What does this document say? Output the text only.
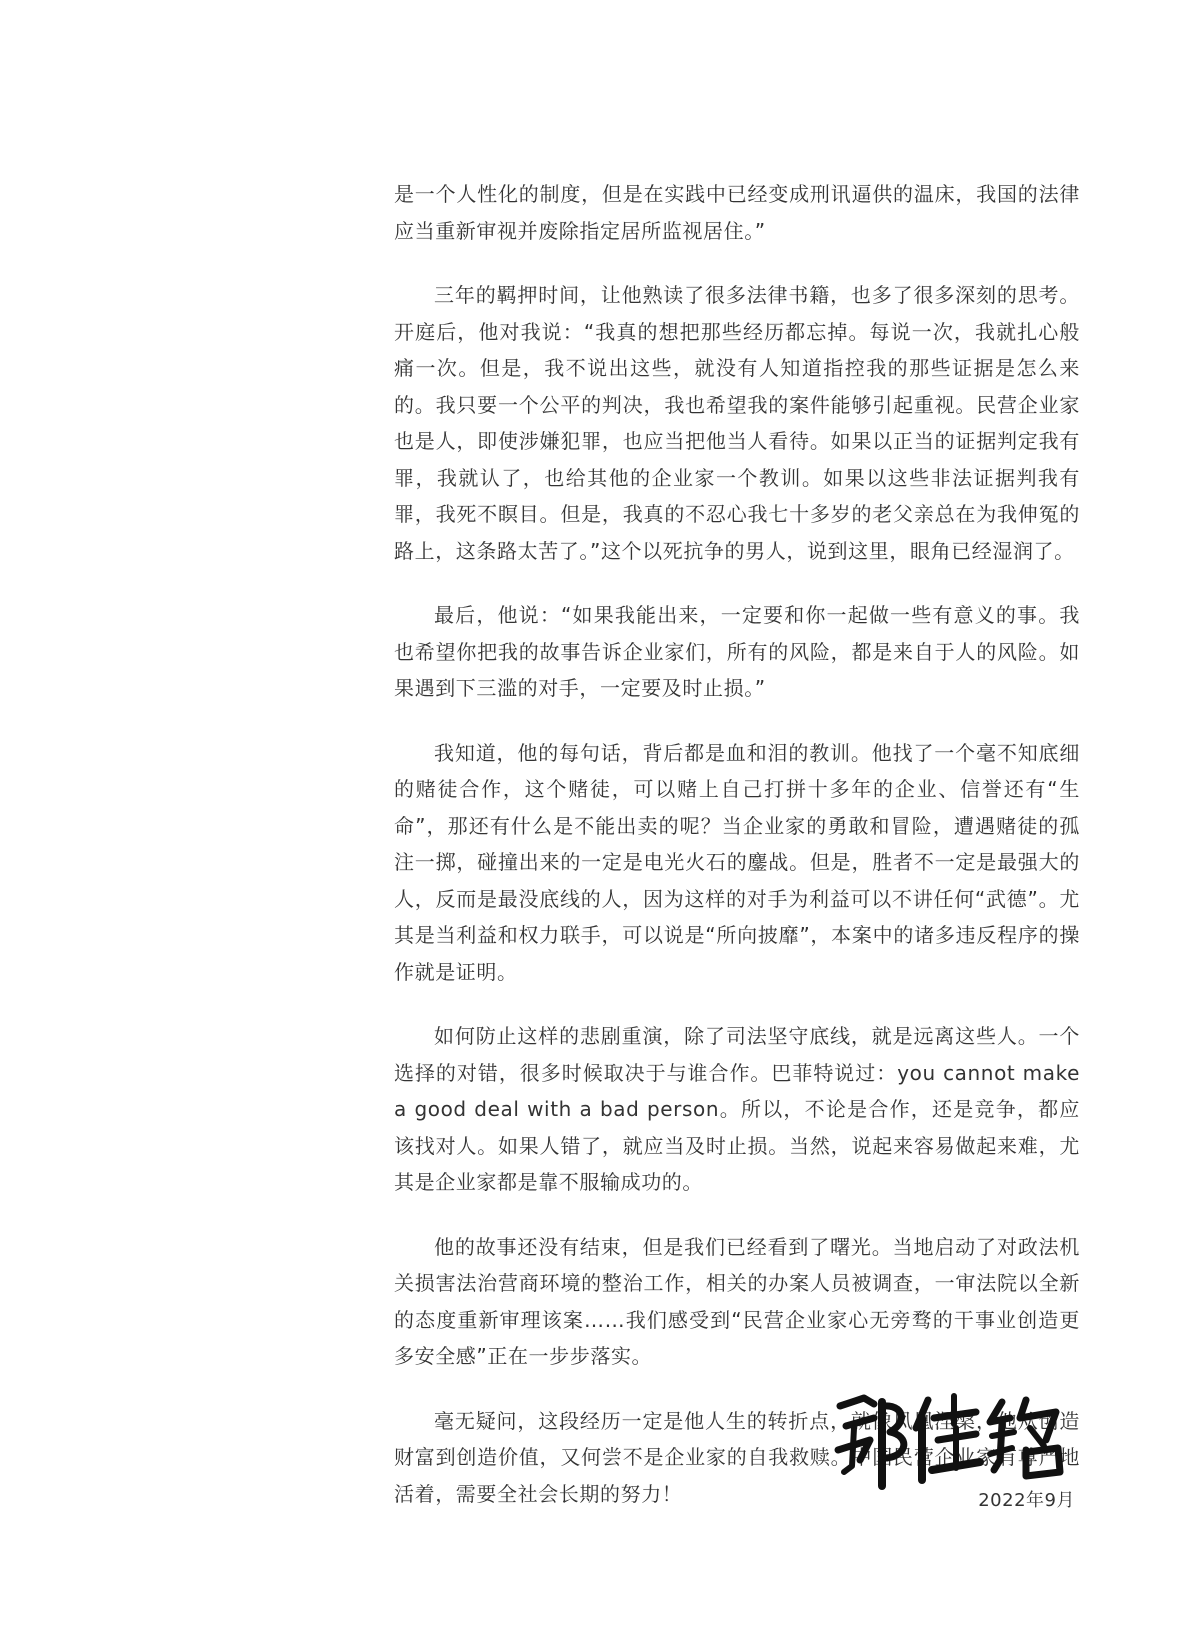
是一个人性化的制度，但是在实践中已经变成刑讯逼供的温床，我国的法律应当重新审视并废除指定居所监视居住。”

三年的羁押时间，让他熟读了很多法律书籍，也多了很多深刻的思考。开庭后，他对我说：“我真的想把那些经历都忘掉。每说一次，我就扎心般痛一次。但是，我不说出这些，就没有人知道指控我的那些证据是怎么来的。我只要一个公平的判决，我也希望我的案件能够引起重视。民营企业家也是人，即使涉嫌犯罪，也应当把他当人看待。如果以正当的证据判定我有罪，我就认了，也给其他的企业家一个教训。如果以这些非法证据判我有罪，我死不瞑目。但是，我真的不忍心我七十多岁的老父亲总在为我伸冤的路上，这条路太苦了。”这个以死抗争的男人，说到这里，眼角已经湿润了。

最后，他说：“如果我能出来，一定要和你一起做一些有意义的事。我也希望你把我的故事告诉企业家们，所有的风险，都是来自于人的风险。如果遇到下三滥的对手，一定要及时止损。”

我知道，他的每句话，背后都是血和泪的教训。他找了一个毫不知底细的赌徒合作，这个赌徒，可以赌上自己打拼十多年的企业、信誉还有“生命”，那还有什么是不能出卖的呢？当企业家的勇敢和冒险，遭遇赌徒的孤注一掷，碰撞出来的一定是电光火石的鏖战。但是，胜者不一定是最强大的人，反而是最没底线的人，因为这样的对手为利益可以不讲任何“武德”。尤其是当利益和权力联手，可以说是“所向披靡”，本案中的诸多违反程序的操作就是证明。

如何防止这样的悲剧重演，除了司法坚守底线，就是远离这些人。一个选择的对错，很多时候取决于与谁合作。巴菲特说过：you cannot make a good deal with a bad person。所以，不论是合作，还是竞争，都应该找对人。如果人错了，就应当及时止损。当然，说起来容易做起来难，尤其是企业家都是靠不服输成功的。

他的故事还没有结束，但是我们已经看到了曙光。当地启动了对政法机关损害法治营商环境的整治工作，相关的办案人员被调查，一审法院以全新的态度重新审理该案……我们感受到“民营企业家心无旁骛的干事业创造更多安全感”正在一步步落实。

毫无疑问，这段经历一定是他人生的转折点，就像凤凰涅槃，他从创造财富到创造价值，又何尝不是企业家的自我救赎。中国民营企业家有尊严地活着，需要全社会长期的努力！	2022年9月
